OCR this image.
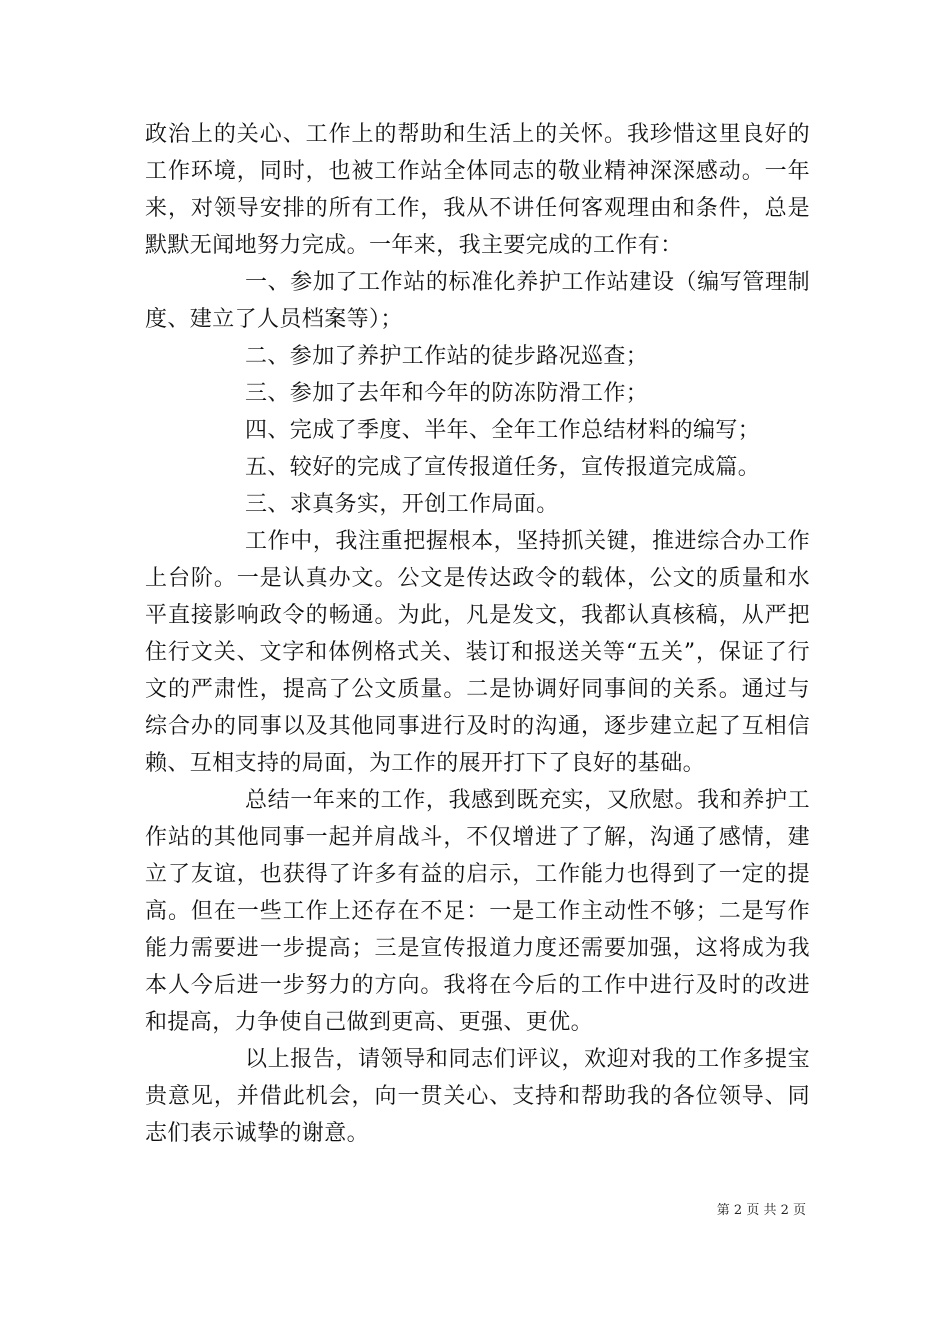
政治上的关心、工作上的帮助和生活上的关怀。我珍惜这里良好的工作环境，同时，也被工作站全体同志的敬业精神深深感动。一年来，对领导安排的所有工作，我从不讲任何客观理由和条件，总是默默无闻地努力完成。一年来，我主要完成的工作有：

一、参加了工作站的标准化养护工作站建设（编写管理制度、建立了人员档案等）；

二、参加了养护工作站的徒步路况巡查；

三、参加了去年和今年的防冻防滑工作；

四、完成了季度、半年、全年工作总结材料的编写；

五、较好的完成了宣传报道任务，宣传报道完成篇。

三、求真务实，开创工作局面。

工作中，我注重把握根本，坚持抓关键，推进综合办工作上台阶。一是认真办文。公文是传达政令的载体，公文的质量和水平直接影响政令的畅通。为此，凡是发文，我都认真核稿，从严把住行文关、文字和体例格式关、装订和报送关等“五关”，保证了行文的严肃性，提高了公文质量。二是协调好同事间的关系。通过与综合办的同事以及其他同事进行及时的沟通，逐步建立起了互相信赖、互相支持的局面，为工作的展开打下了良好的基础。

总结一年来的工作，我感到既充实，又欣慰。我和养护工作站的其他同事一起并肩战斗，不仅增进了了解，沟通了感情，建立了友谊，也获得了许多有益的启示，工作能力也得到了一定的提高。但在一些工作上还存在不足：一是工作主动性不够；二是写作能力需要进一步提高；三是宣传报道力度还需要加强，这将成为我本人今后进一步努力的方向。我将在今后的工作中进行及时的改进和提高，力争使自己做到更高、更强、更优。

以上报告，请领导和同志们评议，欢迎对我的工作多提宝贵意见，并借此机会，向一贯关心、支持和帮助我的各位领导、同志们表示诚挚的谢意。

第 2 页 共 2 页
